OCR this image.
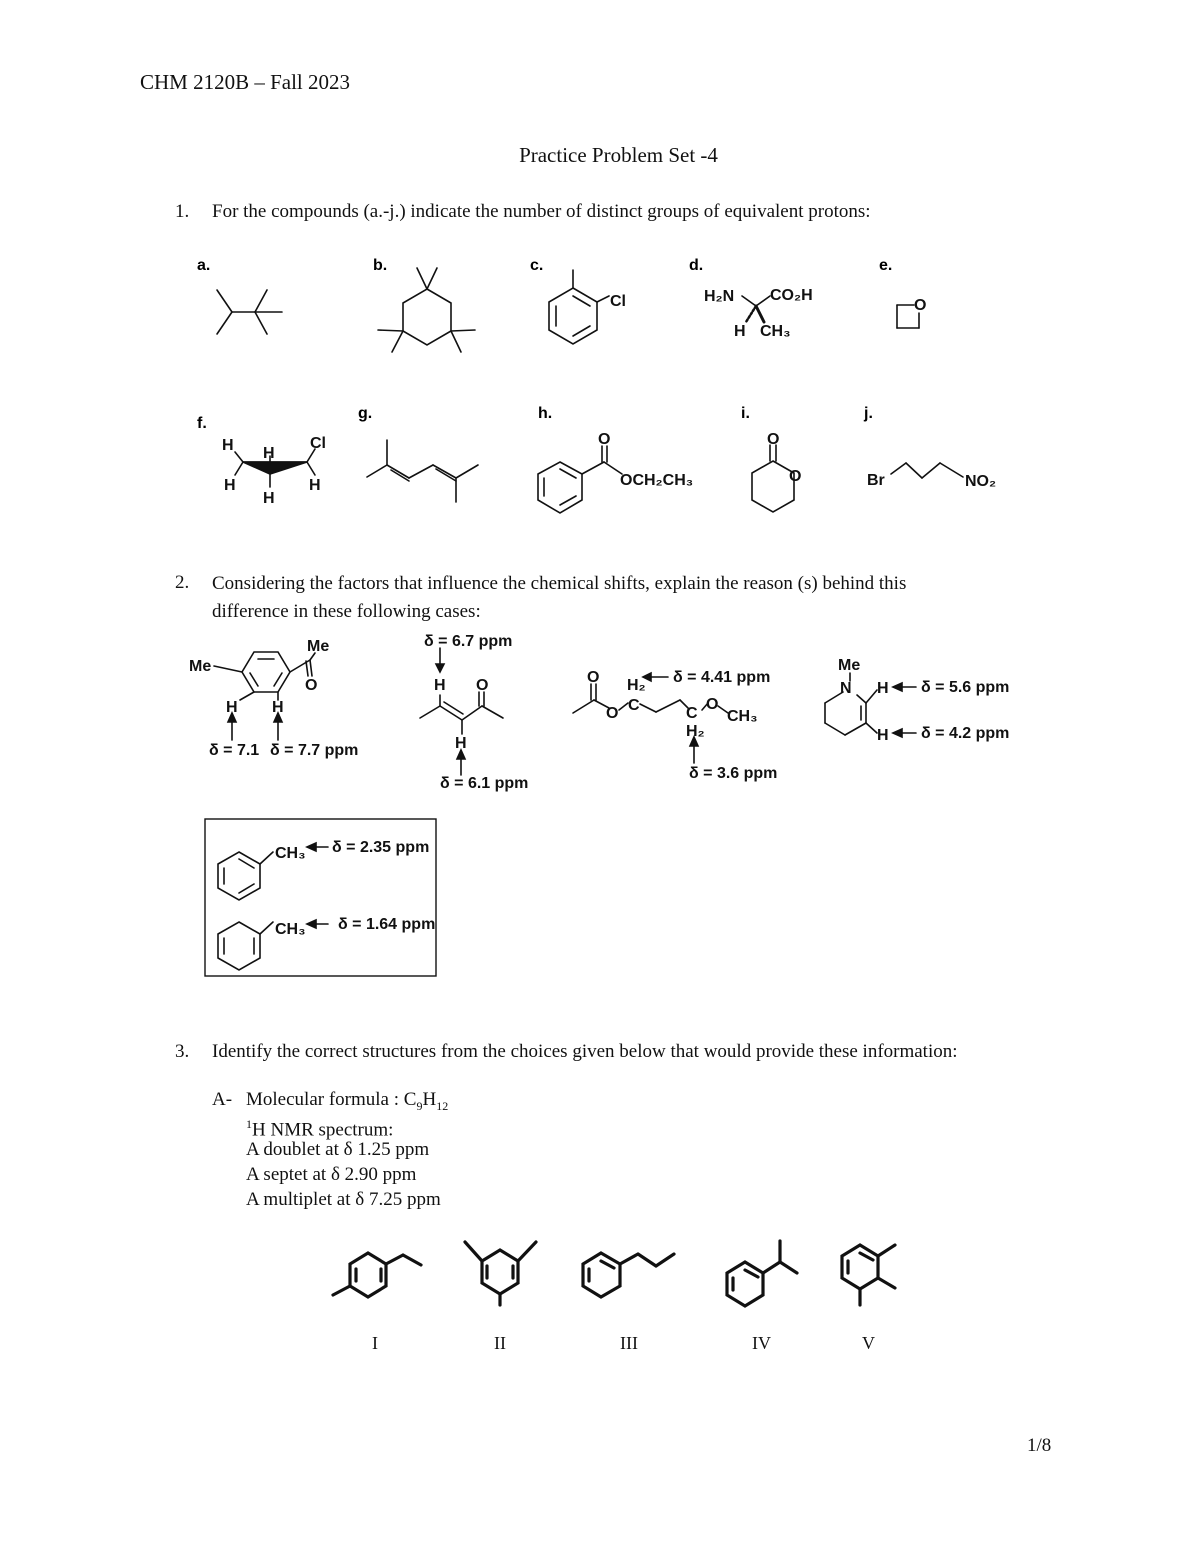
CHM 2120B – Fall 2023
Practice Problem Set -4
1. For the compounds (a.-j.) indicate the number of distinct groups of equivalent protons:
a.	b.	c.	d.	e.
f.
g.	h.	i.	j.
Cl	H₂N CO₂H
H CH₃
O
H H
Cl
H
H
H
O
OCH₂CH₃
O
O	Br	NO₂
Me
Me
O
H H
δ = 7.1 δ = 7.7 ppm
δ = 6.7 ppm
H O
H
δ = 6.1 ppm
O
O
H₂
C
δ = 4.41 ppm
O
CH₃
C
H₂
δ = 3.6 ppm
Me
N H δ = 5.6 ppm
H δ = 4.2 ppm
CH₃ δ = 2.35 ppm
CH₃ δ = 1.64 ppm
2. Considering the factors that influence the chemical shifts, explain the reason (s) behind this
difference in these following cases:
3. Identify the correct structures from the choices given below that would provide these information:
A- Molecular formula : $C_9H_{12}$
$^1$H NMR spectrum:
A doublet at δ 1.25 ppm
A septet at δ 2.90 ppm
A multiplet at δ 7.25 ppm
I	II	III	IV	V
1/8
